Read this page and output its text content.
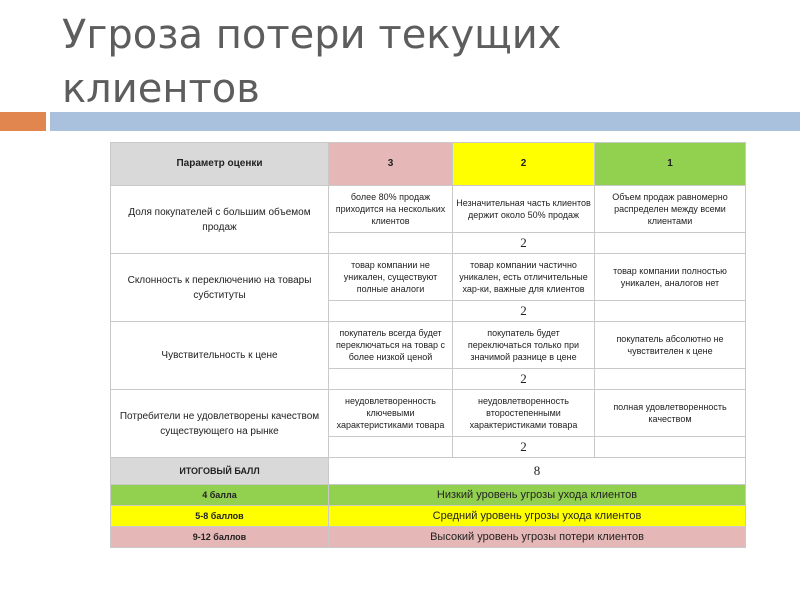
Угроза потери текущих
клиентов
Параметр оценки	3	2	1
Доля покупателей с большим объемом продаж	более 80% продаж приходится на нескольких клиентов	Незначительная часть клиентов держит около 50% продаж	Объем продаж равномерно распределен между всеми клиентами
		2	
Склонность к переключению на товары субституты	товар компании не уникален, существуют полные аналоги	товар компании частично уникален, есть отличительные хар-ки, важные для клиентов	товар компании полностью уникален, аналогов нет
		2	
Чувствительность к цене	покупатель всегда будет переключаться на товар с более низкой ценой	покупатель будет переключаться только при значимой разнице в цене	покупатель абсолютно не чувствителен к цене
		2	
Потребители не удовлетворены качеством существующего на рынке	неудовлетворенность ключевыми характеристиками товара	неудовлетворенность второстепенными характеристиками товара	полная удовлетворенность качеством
		2	
ИТОГОВЫЙ БАЛЛ	8		
4 балла	Низкий уровень угрозы ухода клиентов		
5-8 баллов	Средний уровень угрозы ухода клиентов		
9-12 баллов	Высокий уровень угрозы потери клиентов		
